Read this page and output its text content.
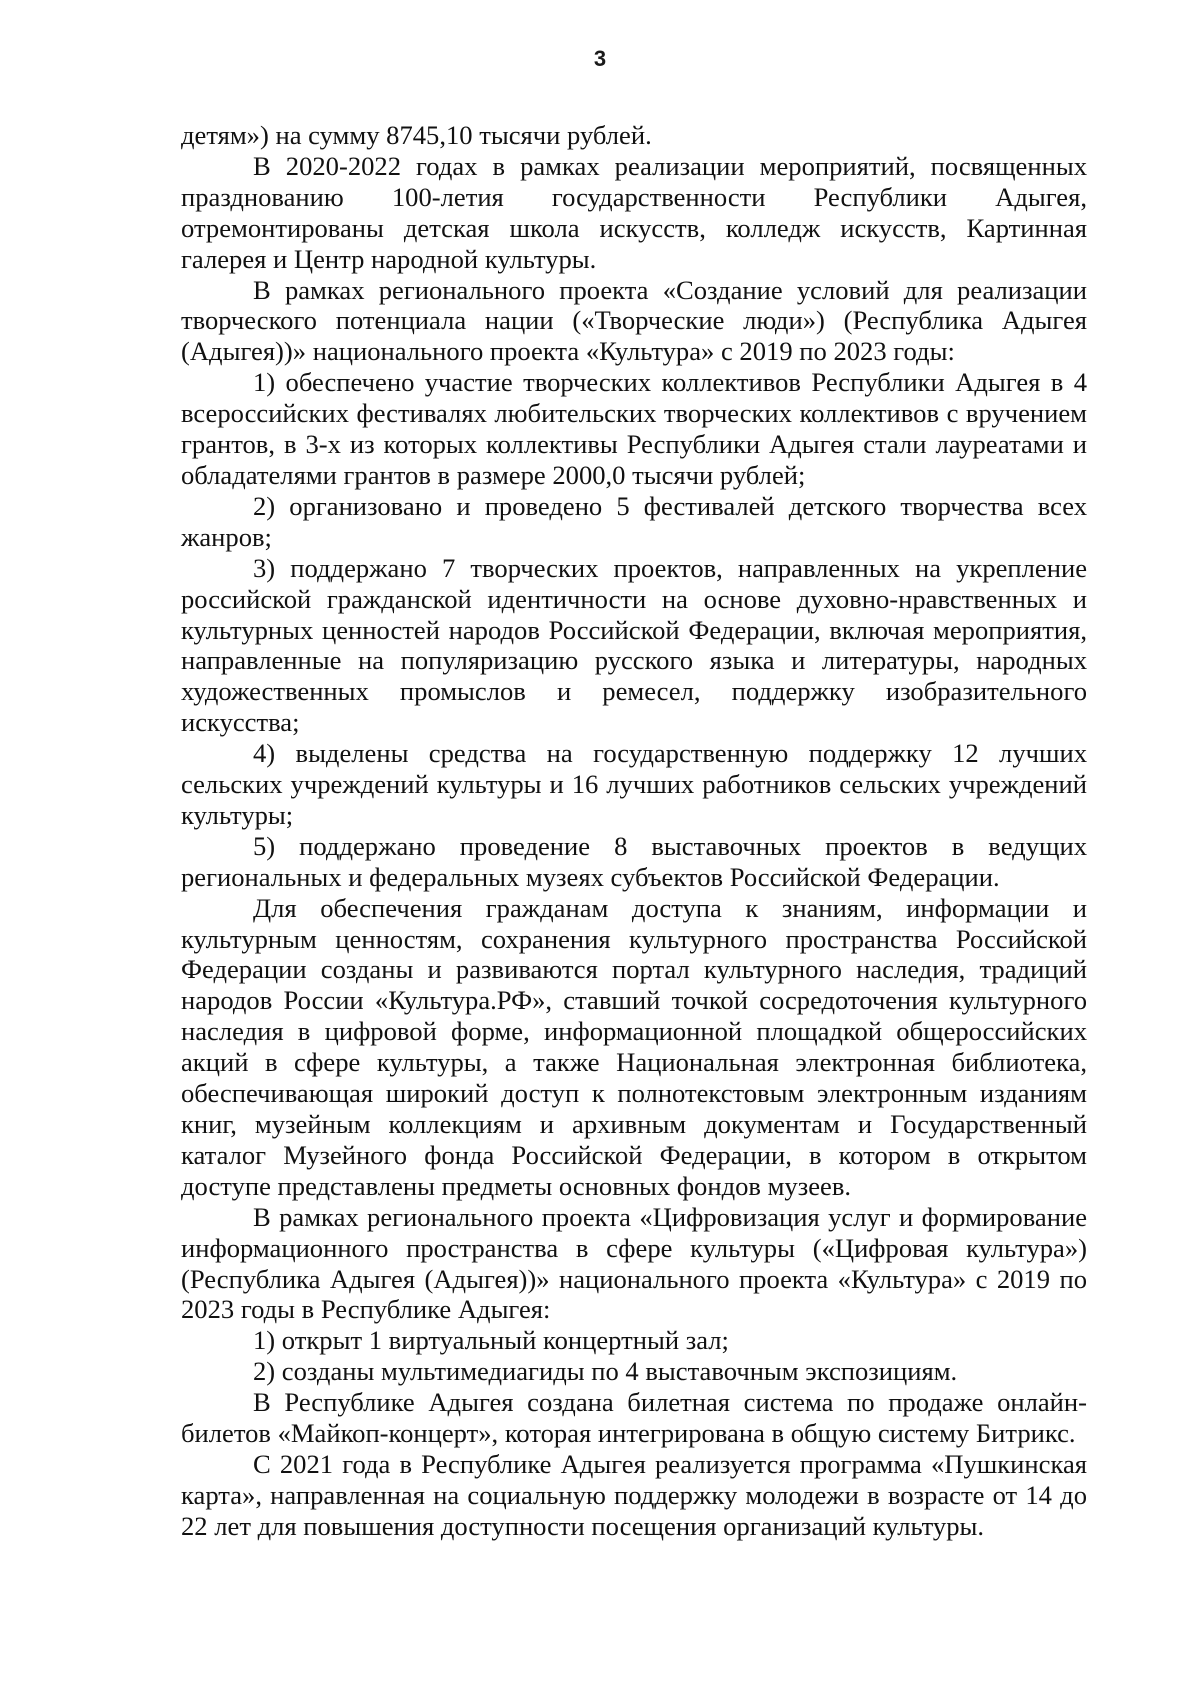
3

детям») на сумму 8745,10 тысячи рублей.

В 2020-2022 годах в рамках реализации мероприятий, посвященных празднованию 100-летия государственности Республики Адыгея, отремонтированы детская школа искусств, колледж искусств, Картинная галерея и Центр народной культуры.

В рамках регионального проекта «Создание условий для реализации творческого потенциала нации («Творческие люди») (Республика Адыгея (Адыгея))» национального проекта «Культура» с 2019 по 2023 годы:

1) обеспечено участие творческих коллективов Республики Адыгея в 4 всероссийских фестивалях любительских творческих коллективов с вручением грантов, в 3-х из которых коллективы Республики Адыгея стали лауреатами и обладателями грантов в размере 2000,0 тысячи рублей;

2) организовано и проведено 5 фестивалей детского творчества всех жанров;

3) поддержано 7 творческих проектов, направленных на укрепление российской гражданской идентичности на основе духовно-нравственных и культурных ценностей народов Российской Федерации, включая мероприятия, направленные на популяризацию русского языка и литературы, народных художественных промыслов и ремесел, поддержку изобразительного искусства;

4) выделены средства на государственную поддержку 12 лучших сельских учреждений культуры и 16 лучших работников сельских учреждений культуры;

5) поддержано проведение 8 выставочных проектов в ведущих региональных и федеральных музеях субъектов Российской Федерации.

Для обеспечения гражданам доступа к знаниям, информации и культурным ценностям, сохранения культурного пространства Российской Федерации созданы и развиваются портал культурного наследия, традиций народов России «Культура.РФ», ставший точкой сосредоточения культурного наследия в цифровой форме, информационной площадкой общероссийских акций в сфере культуры, а также Национальная электронная библиотека, обеспечивающая широкий доступ к полнотекстовым электронным изданиям книг, музейным коллекциям и архивным документам и Государственный каталог Музейного фонда Российской Федерации, в котором в открытом доступе представлены предметы основных фондов музеев.

В рамках регионального проекта «Цифровизация услуг и формирование информационного пространства в сфере культуры («Цифровая культура») (Республика Адыгея (Адыгея))» национального проекта «Культура» с 2019 по 2023 годы в Республике Адыгея:

1) открыт 1 виртуальный концертный зал;

2) созданы мультимедиагиды по 4 выставочным экспозициям.

В Республике Адыгея создана билетная система по продаже онлайн-билетов «Майкоп-концерт», которая интегрирована в общую систему Битрикс.

С 2021 года в Республике Адыгея реализуется программа «Пушкинская карта», направленная на социальную поддержку молодежи в возрасте от 14 до 22 лет для повышения доступности посещения организаций культуры.
